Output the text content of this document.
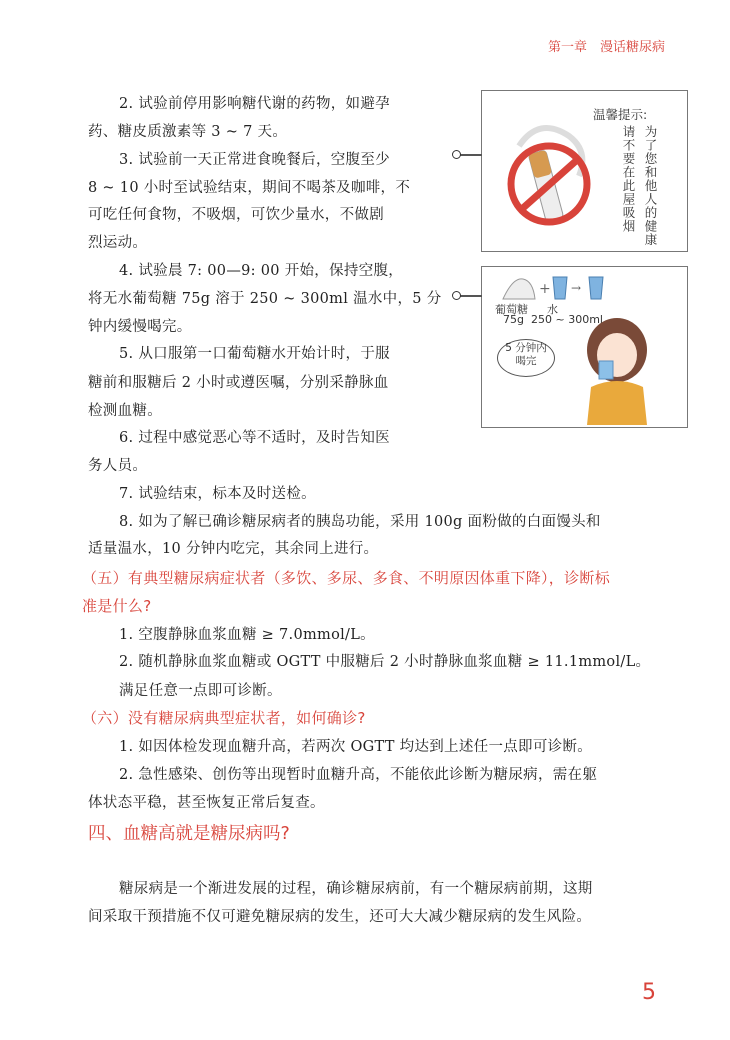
第一章　漫话糖尿病
2. 试验前停用影响糖代谢的药物，如避孕
药、糖皮质激素等 3 ~ 7 天。
3. 试验前一天正常进食晚餐后，空腹至少
8 ~ 10 小时至试验结束，期间不喝茶及咖啡，不
可吃任何食物，不吸烟，可饮少量水，不做剧
烈运动。
4. 试验晨 7: 00—9: 00 开始，保持空腹，
将无水葡萄糖 75g 溶于 250 ~ 300ml 温水中，5 分
钟内缓慢喝完。
5. 从口服第一口葡萄糖水开始计时，于服
糖前和服糖后 2 小时或遵医嘱，分别采静脉血
检测血糖。
6. 过程中感觉恶心等不适时，及时告知医
务人员。
7. 试验结束，标本及时送检。
8. 如为了解已确诊糖尿病者的胰岛功能，采用 100g 面粉做的白面馒头和
适量温水，10 分钟内吃完，其余同上进行。
（五）有典型糖尿病症状者（多饮、多尿、多食、不明原因体重下降），诊断标
准是什么?
1. 空腹静脉血浆血糖 ≥ 7.0mmol/L。
2. 随机静脉血浆血糖或 OGTT 中服糖后 2 小时静脉血浆血糖 ≥ 11.1mmol/L。
满足任意一点即可诊断。
（六）没有糖尿病典型症状者，如何确诊?
1. 如因体检发现血糖升高，若两次 OGTT 均达到上述任一点即可诊断。
2. 急性感染、创伤等出现暂时血糖升高，不能依此诊断为糖尿病，需在躯
体状态平稳，甚至恢复正常后复查。
温馨提示:
为了您和他人的健康
请不要在此屋吸烟
+ →
葡萄糖 水
75g 250 ~ 300ml
5 分钟内喝完
四、血糖高就是糖尿病吗?
糖尿病是一个渐进发展的过程，确诊糖尿病前，有一个糖尿病前期，这期
间采取干预措施不仅可避免糖尿病的发生，还可大大减少糖尿病的发生风险。
5
